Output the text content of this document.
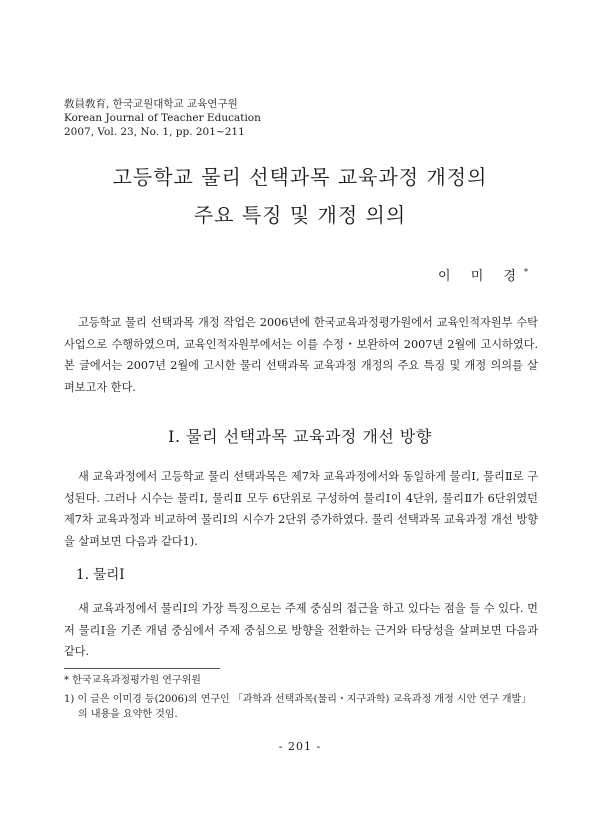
敎員敎育, 한국교원대학교 교육연구원
Korean Journal of Teacher Education
2007, Vol. 23, No. 1, pp. 201~211
고등학교 물리 선택과목 교육과정 개정의
주요 특징 및 개정 의의
이 미 경*

고등학교 물리 선택과목 개정 작업은 2006년에 한국교육과정평가원에서 교육인적자원부 수탁 사업으로 수행하였으며, 교육인적자원부에서는 이를 수정・보완하여 2007년 2월에 고시하였다. 본 글에서는 2007년 2월에 고시한 물리 선택과목 교육과정 개정의 주요 특징 및 개정 의의를 살펴보고자 한다.

Ⅰ. 물리 선택과목 교육과정 개선 방향

새 교육과정에서 고등학교 물리 선택과목은 제7차 교육과정에서와 동일하게 물리Ⅰ, 물리Ⅱ로 구성된다. 그러나 시수는 물리Ⅰ, 물리Ⅱ 모두 6단위로 구성하여 물리Ⅰ이 4단위, 물리Ⅱ가 6단위였던 제7차 교육과정과 비교하여 물리Ⅰ의 시수가 2단위 증가하였다. 물리 선택과목 교육과정 개선 방향을 살펴보면 다음과 같다1).

1. 물리Ⅰ

새 교육과정에서 물리Ⅰ의 가장 특징으로는 주제 중심의 접근을 하고 있다는 점을 들 수 있다. 먼저 물리Ⅰ을 기존 개념 중심에서 주제 중심으로 방향을 전환하는 근거와 타당성을 살펴보면 다음과 같다.

* 한국교육과정평가원 연구위원
1) 이 글은 이미경 등(2006)의 연구인 「과학과 선택과목(물리・지구과학) 교육과정 개정 시안 연구 개발」의 내용을 요약한 것임.
- 201 -
